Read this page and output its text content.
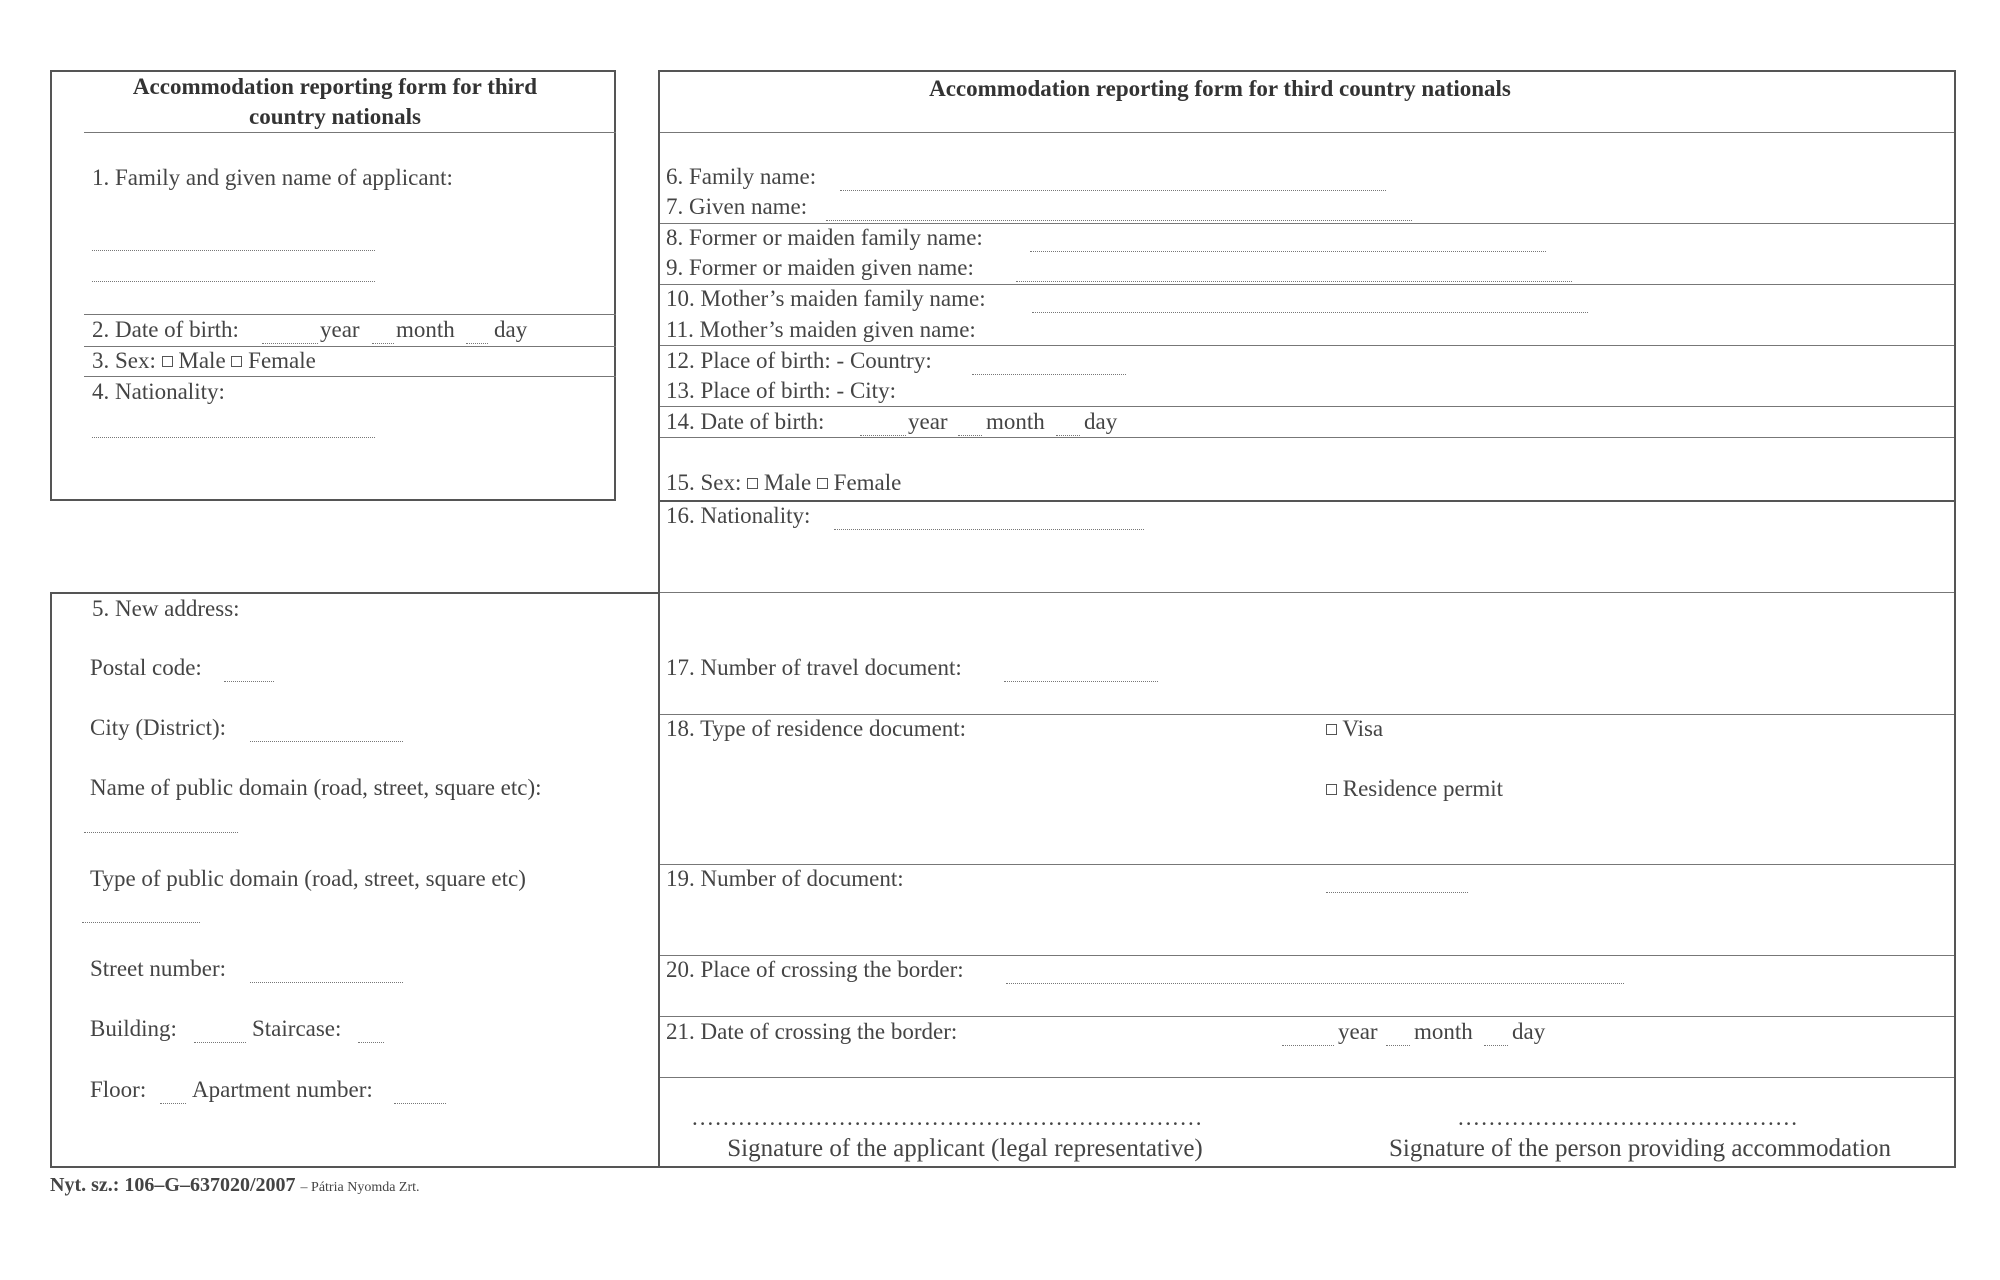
Accommodation reporting form for third country nationals
1. Family and given name of applicant:
2. Date of birth:	year month day
3. Sex: Male Female
4. Nationality:
5. New address:
Postal code:
City (District):
Name of public domain (road, street, square etc):
Type of public domain (road, street, square etc)
Street number:
Building:	Staircase:
Floor: Apartment number:
Accommodation reporting form for third country nationals
6. Family name:
7. Given name:
8. Former or maiden family name:
9. Former or maiden given name:
10. Mother’s maiden family name:
11. Mother’s maiden given name:
12. Place of birth: - Country:
13. Place of birth: - City:
14. Date of birth:	year month day
15. Sex: Male Female
16. Nationality:
17. Number of travel document:
18. Type of residence document:	Visa
Residence permit
19. Number of document:
20. Place of crossing the border:
21. Date of crossing the border:	year month day
..................................................................
Signature of the applicant (legal representative)
............................................
Signature of the person providing accommodation
Nyt. sz.: 106–G–637020/2007 – Pátria Nyomda Zrt.
